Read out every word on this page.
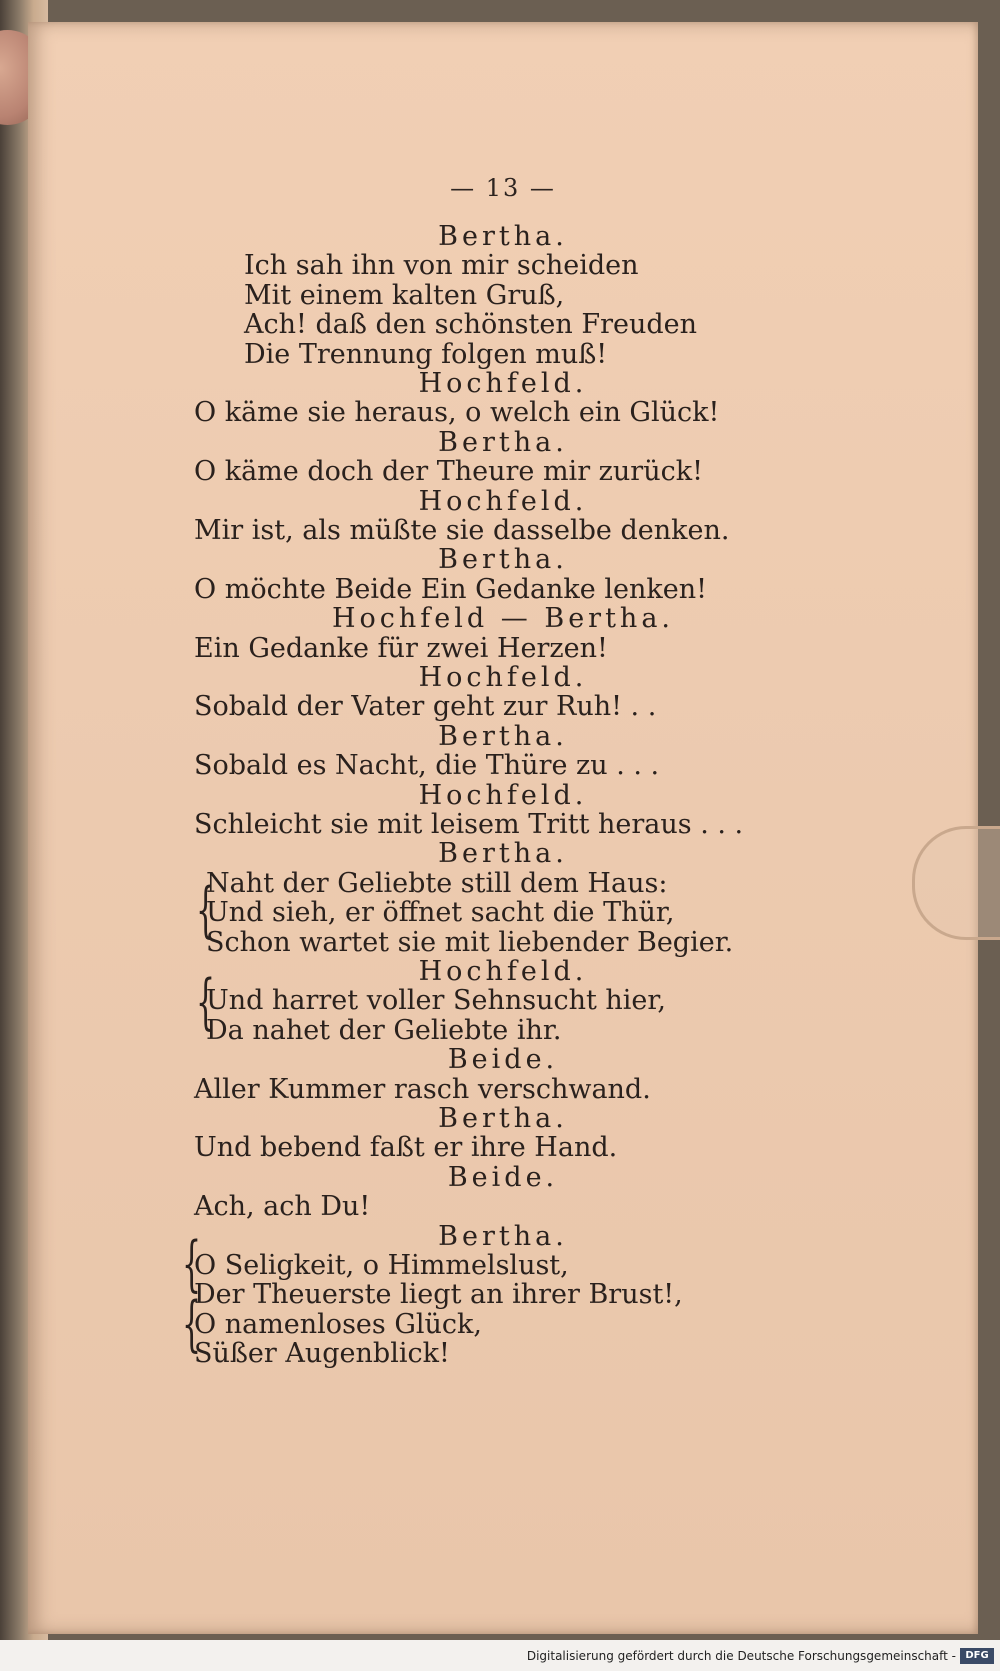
— 13 —
Bertha.
Ich sah ihn von mir scheiden
Mit einem kalten Gruß,
Ach! daß den schönsten Freuden
Die Trennung folgen muß!
Hochfeld.
O käme sie heraus, o welch ein Glück!
Bertha.
O käme doch der Theure mir zurück!
Hochfeld.
Mir ist, als müßte sie dasselbe denken.
Bertha.
O möchte Beide Ein Gedanke lenken!
Hochfeld — Bertha.
Ein Gedanke für zwei Herzen!
Hochfeld.
Sobald der Vater geht zur Ruh! . .
Bertha.
Sobald es Nacht, die Thüre zu . . .
Hochfeld.
Schleicht sie mit leisem Tritt heraus . . .
Bertha.
Naht der Geliebte still dem Haus:
Und sieh, er öffnet sacht die Thür,
Schon wartet sie mit liebender Begier.
Hochfeld.
Und harret voller Sehnsucht hier,
Da nahet der Geliebte ihr.
Beide.
Aller Kummer rasch verschwand.
Bertha.
Und bebend faßt er ihre Hand.
Beide.
Ach, ach Du!
Bertha.
O Seligkeit, o Himmelslust,
Der Theuerste liegt an ihrer Brust!,
O namenloses Glück,
Süßer Augenblick!
{
{
{
{
Digitalisierung gefördert durch die Deutsche Forschungsgemeinschaft - DFG
